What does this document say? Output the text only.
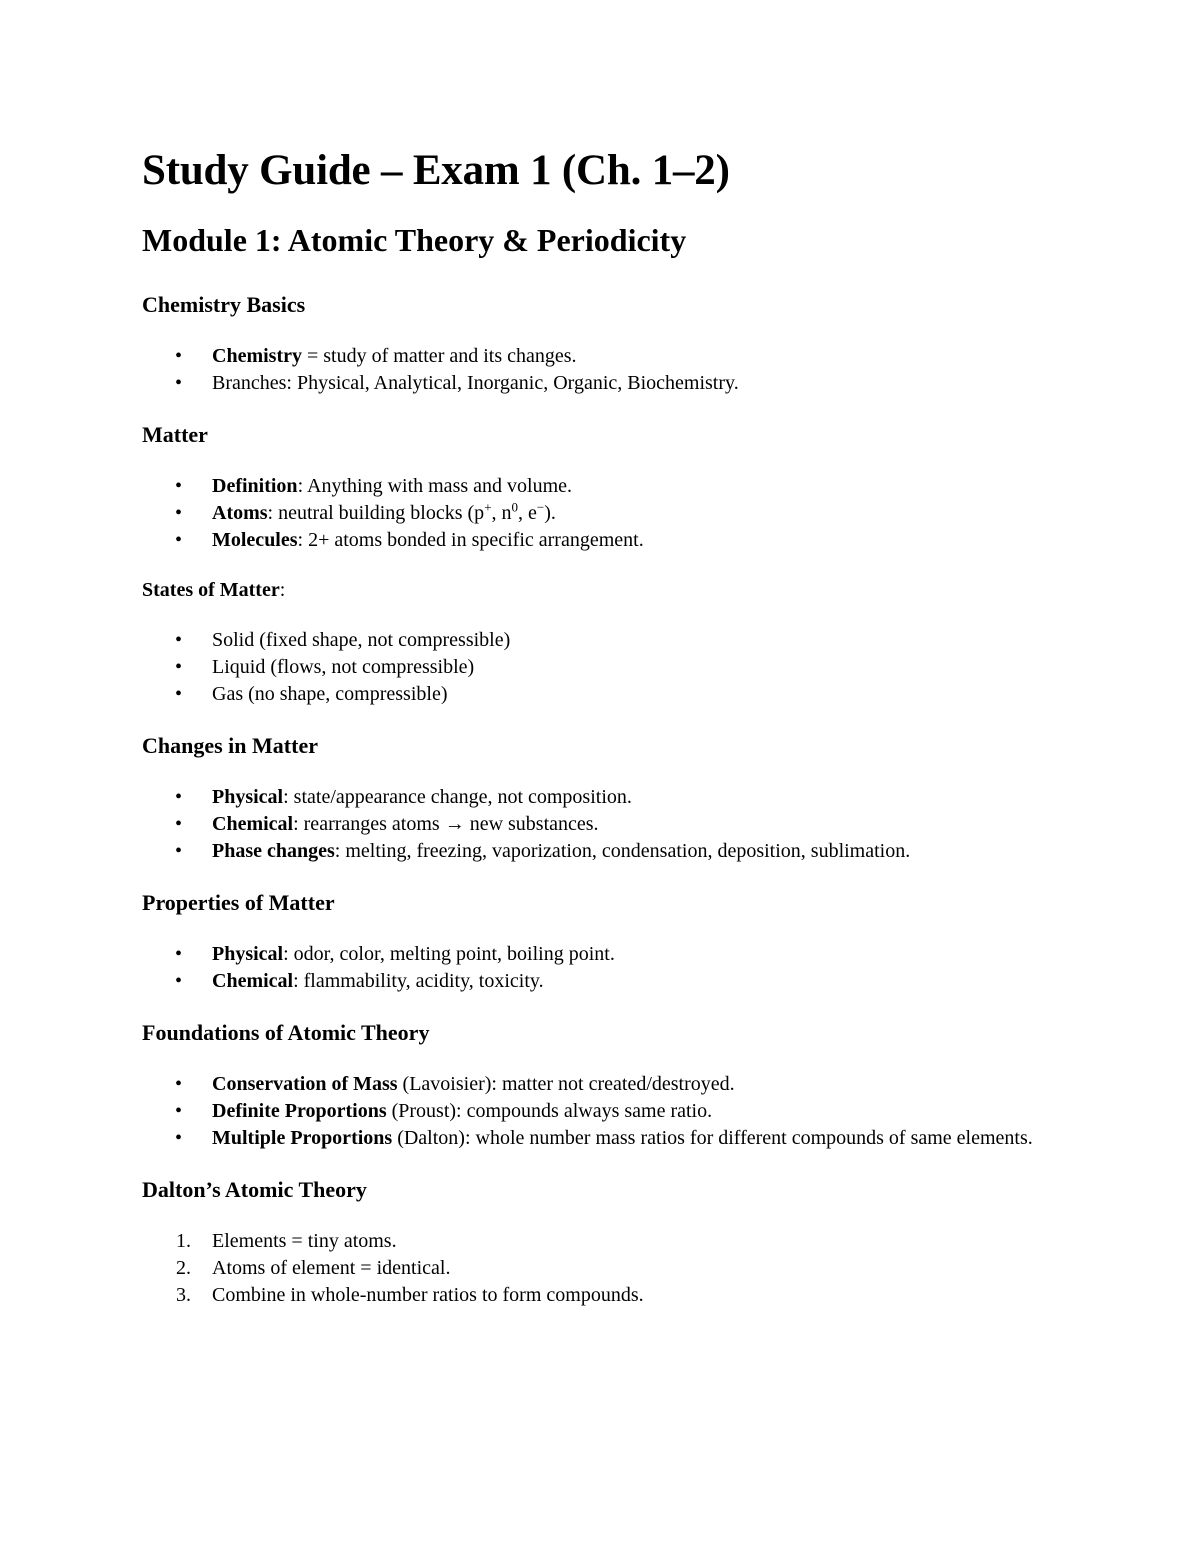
Study Guide – Exam 1 (Ch. 1–2)
Module 1: Atomic Theory & Periodicity
Chemistry Basics
• Chemistry = study of matter and its changes.
• Branches: Physical, Analytical, Inorganic, Organic, Biochemistry.
Matter
• Definition: Anything with mass and volume.
• Atoms: neutral building blocks (p+, $n^0$, e−).
• Molecules: 2+ atoms bonded in specific arrangement.
States of Matter:
• Solid (fixed shape, not compressible)
• Liquid (flows, not compressible)
• Gas (no shape, compressible)
Changes in Matter
• Physical: state/appearance change, not composition.
• Chemical: rearranges atoms → new substances.
• Phase changes: melting, freezing, vaporization, condensation, deposition, sublimation.
Properties of Matter
• Physical: odor, color, melting point, boiling point.
• Chemical: flammability, acidity, toxicity.
Foundations of Atomic Theory
• Conservation of Mass (Lavoisier): matter not created/destroyed.
• Definite Proportions (Proust): compounds always same ratio.
• Multiple Proportions (Dalton): whole number mass ratios for different compounds of same elements.
Dalton’s Atomic Theory
1. Elements = tiny atoms.
2. Atoms of element = identical.
3. Combine in whole-number ratios to form compounds.
